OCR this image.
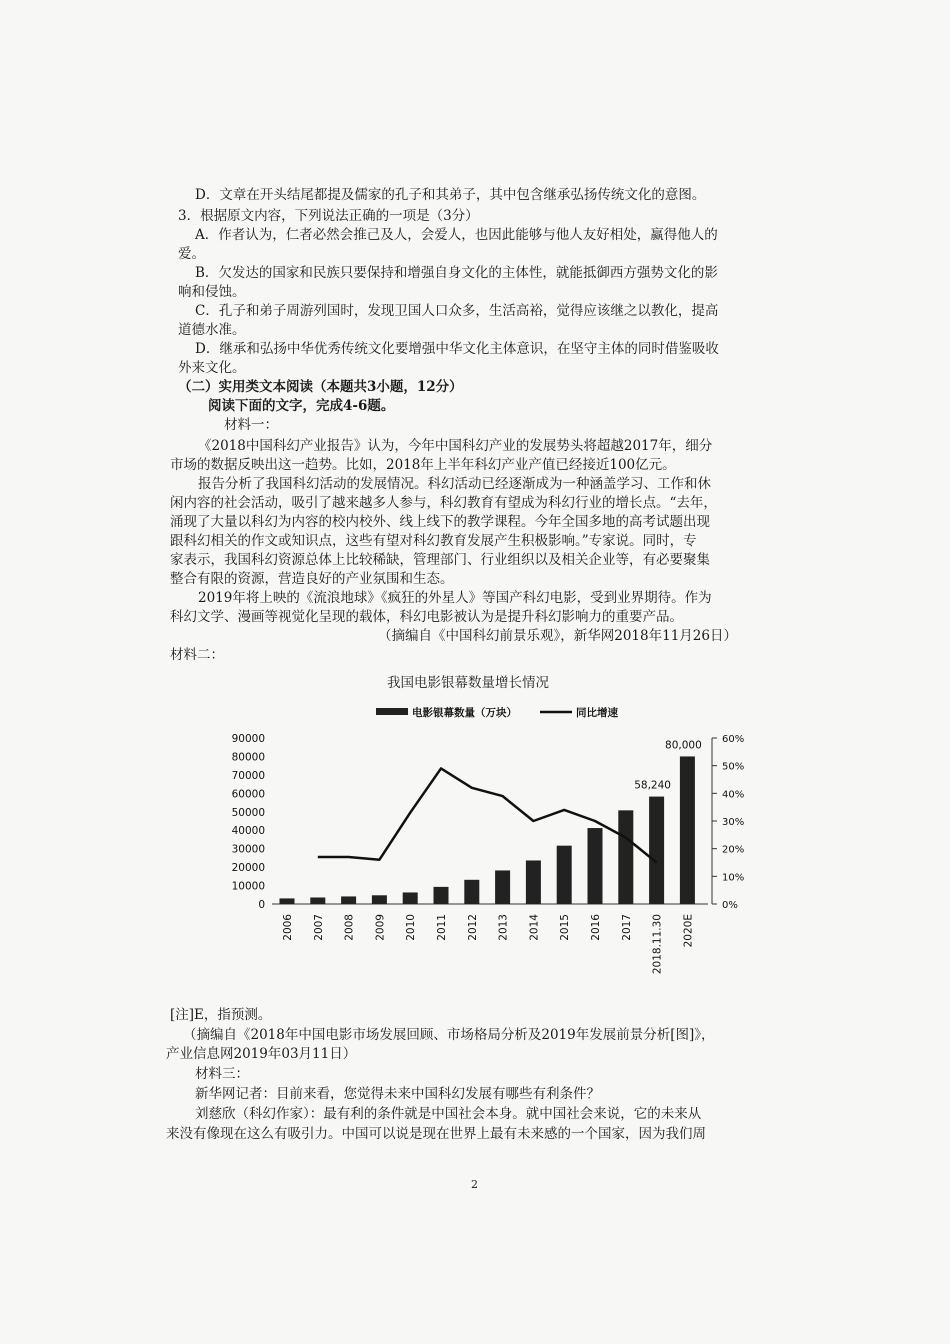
D．文章在开头结尾都提及儒家的孔子和其弟子，其中包含继承弘扬传统文化的意图。
3．根据原文内容，下列说法正确的一项是（3分）
A．作者认为，仁者必然会推己及人，会爱人，也因此能够与他人友好相处，赢得他人的
爱。
B．欠发达的国家和民族只要保持和增强自身文化的主体性，就能抵御西方强势文化的影
响和侵蚀。
C．孔子和弟子周游列国时，发现卫国人口众多，生活高裕，觉得应该继之以教化，提高
道德水准。
D．继承和弘扬中华优秀传统文化要增强中华文化主体意识，在坚守主体的同时借鉴吸收
外来文化。
（二）实用类文本阅读（本题共3小题，12分）
阅读下面的文字，完成4-6题。
材料一：
《2018中国科幻产业报告》认为，今年中国科幻产业的发展势头将超越2017年，细分
市场的数据反映出这一趋势。比如，2018年上半年科幻产业产值已经接近100亿元。
报告分析了我国科幻活动的发展情况。科幻活动已经逐渐成为一种涵盖学习、工作和休
闲内容的社会活动，吸引了越来越多人参与，科幻教育有望成为科幻行业的增长点。“去年，
涌现了大量以科幻为内容的校内校外、线上线下的教学课程。今年全国多地的高考试题出现
跟科幻相关的作文或知识点，这些有望对科幻教育发展产生积极影响。”专家说。同时，专
家表示，我国科幻资源总体上比较稀缺，管理部门、行业组织以及相关企业等，有必要聚集
整合有限的资源，营造良好的产业氛围和生态。
2019年将上映的《流浪地球》《疯狂的外星人》等国产科幻电影，受到业界期待。作为
科幻文学、漫画等视觉化呈现的载体，科幻电影被认为是提升科幻影响力的重要产品。
（摘编自《中国科幻前景乐观》，新华网2018年11月26日）
材料二：
我国电影银幕数量增长情况
电影银幕数量（万块）	同比增速
90000
80000
70000
60000
50000
40000
30000
20000
10000
0
60%
50%
40%
30%
20%
10%
0%
2006 2007 2008 2009 2010 2011 2012 2013 2014 2015 2016 2017 2018.11.30 2020E
58,240
80,000
[注]E，指预测。
（摘编自《2018年中国电影市场发展回顾、市场格局分析及2019年发展前景分析[图]》，
产业信息网2019年03月11日）
材料三：
新华网记者：目前来看，您觉得未来中国科幻发展有哪些有利条件？
刘慈欣（科幻作家）：最有利的条件就是中国社会本身。就中国社会来说，它的未来从
来没有像现在这么有吸引力。中国可以说是现在世界上最有未来感的一个国家，因为我们周
2
